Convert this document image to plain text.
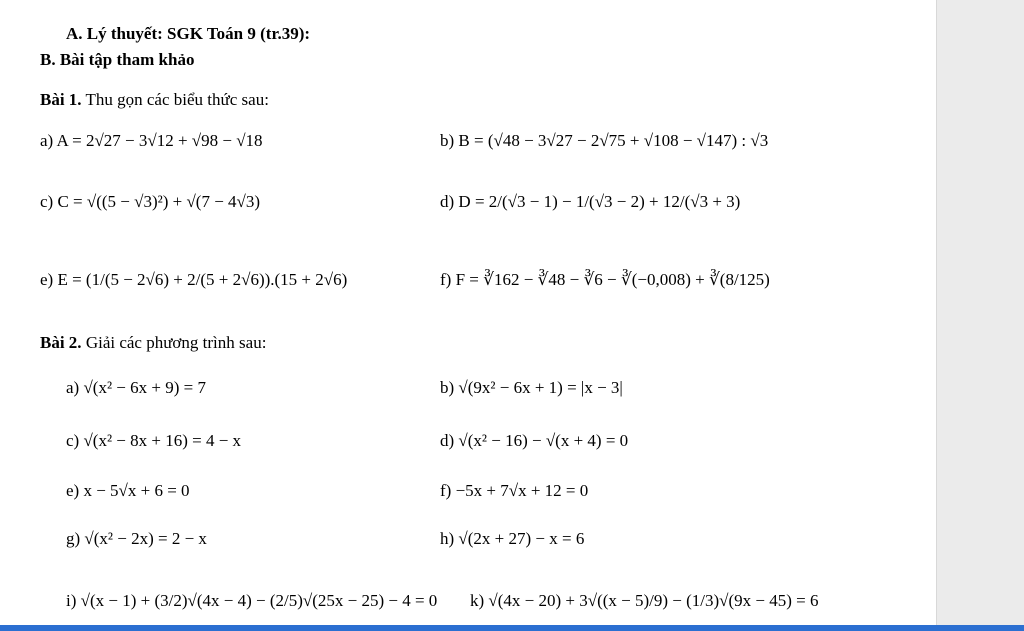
A. Lý thuyết: SGK Toán 9 (tr.39):
B. Bài tập tham khảo
Bài 1. Thu gọn các biểu thức sau:
a) A = 2√27 − 3√12 + √98 − √18	b) B = (√48 − 3√27 − 2√75 + √108 − √147) : √3
c) C = √((5 − √3)²) + √(7 − 4√3)	d) D = 2/(√3 − 1) − 1/(√3 − 2) + 12/(√3 + 3)
e) E = (1/(5 − 2√6) + 2/(5 + 2√6)).(15 + 2√6)	f) F = ∛162 − ∛48 − ∛6 − ∛(−0,008) + ∛(8/125)
Bài 2. Giải các phương trình sau:
a) √(x² − 6x + 9) = 7	b) √(9x² − 6x + 1) = |x − 3|
c) √(x² − 8x + 16) = 4 − x	d) √(x² − 16) − √(x + 4) = 0
e) x − 5√x + 6 = 0	f) −5x + 7√x + 12 = 0
g) √(x² − 2x) = 2 − x	h) √(2x + 27) − x = 6
i) √(x − 1) + (3/2)√(4x − 4) − (2/5)√(25x − 25) − 4 = 0 k) √(4x − 20) + 3√((x − 5)/9) − (1/3)√(9x − 45) = 6
